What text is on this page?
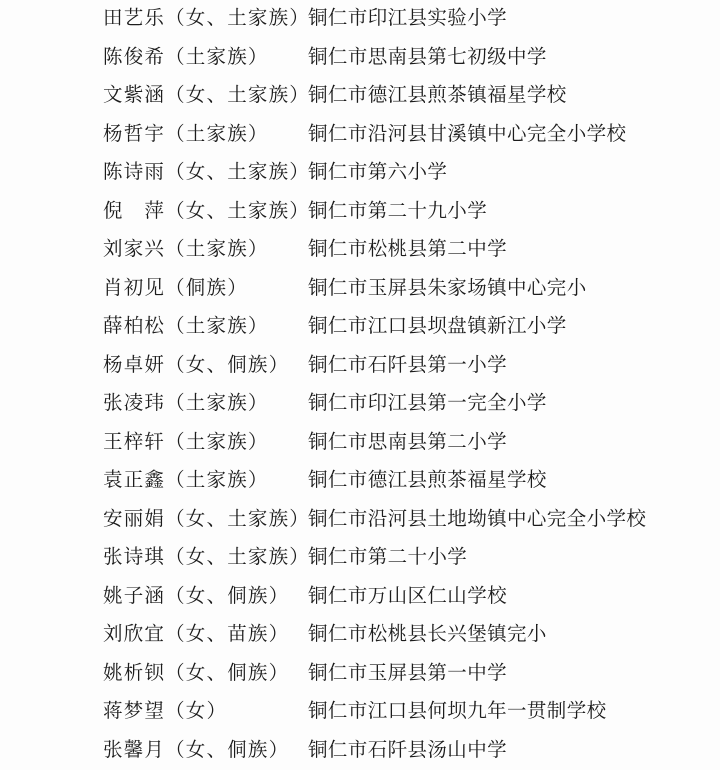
田艺乐（女、土家族）
铜仁市印江县实验小学
陈俊希（土家族） 铜仁市思南县第七初级中学
文紫涵（女、土家族）
铜仁市德江县煎茶镇福星学校
杨哲宇（土家族） 铜仁市沿河县甘溪镇中心完全小学校
陈诗雨（女、土家族）
铜仁市第六小学
倪　萍（女、土家族）
铜仁市第二十九小学
刘家兴（土家族） 铜仁市松桃县第二中学
肖初见（侗族）	铜仁市玉屏县朱家场镇中心完小
薛柏松（土家族） 铜仁市江口县坝盘镇新江小学
杨卓妍（女、侗族） 铜仁市石阡县第一小学
张凌玮（土家族） 铜仁市印江县第一完全小学
王梓轩（土家族） 铜仁市思南县第二小学
袁正鑫（土家族） 铜仁市德江县煎茶福星学校
安丽娟（女、土家族）
铜仁市沿河县土地坳镇中心完全小学校
张诗琪（女、土家族）
铜仁市第二十小学
姚子涵（女、侗族） 铜仁市万山区仁山学校
刘欣宜（女、苗族） 铜仁市松桃县长兴堡镇完小
姚析钡（女、侗族） 铜仁市玉屏县第一中学
蒋梦望（女）	铜仁市江口县何坝九年一贯制学校
张馨月（女、侗族） 铜仁市石阡县汤山中学
